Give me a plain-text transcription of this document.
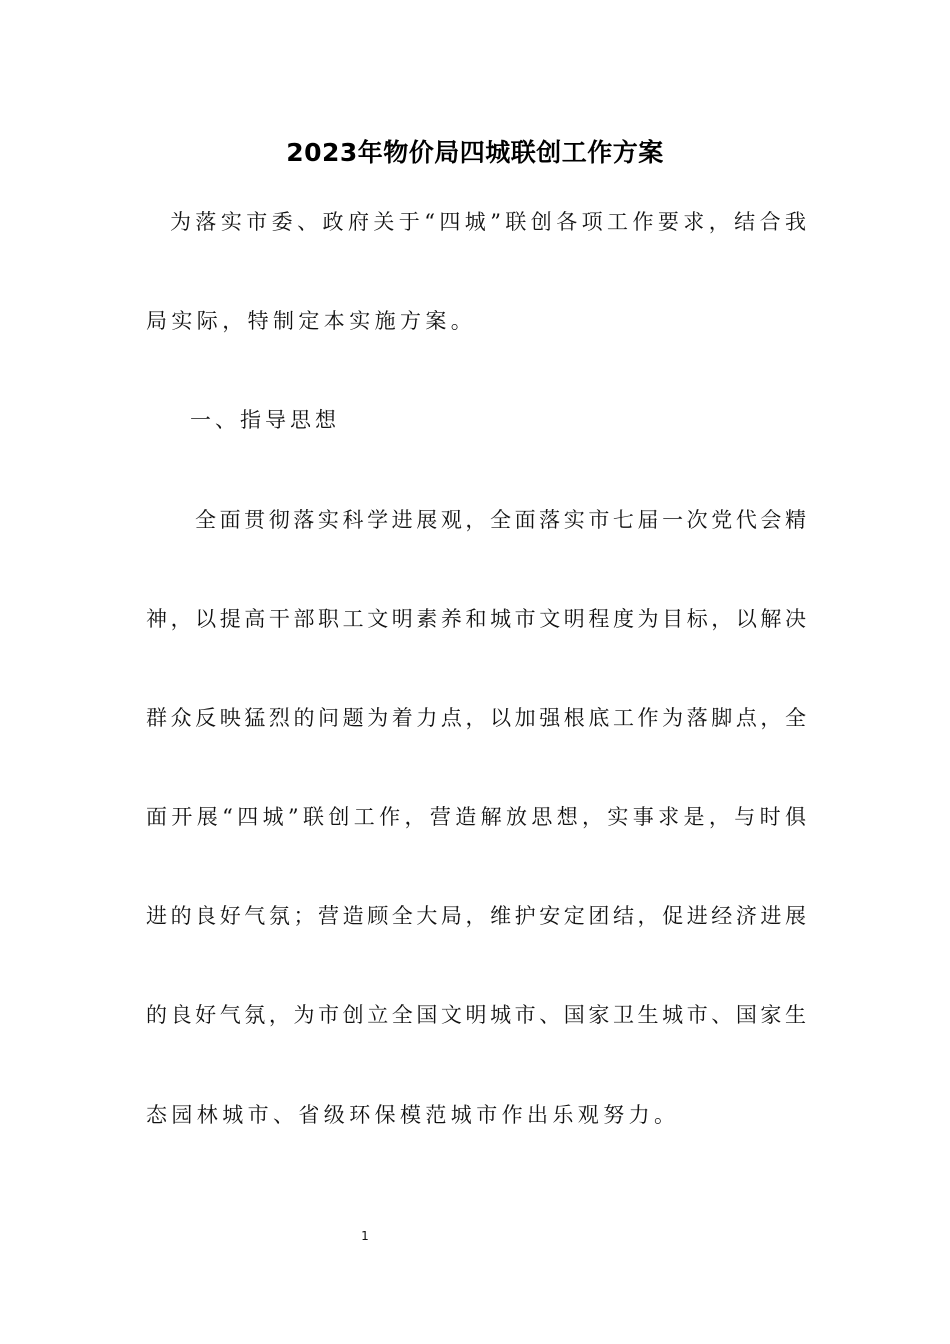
2023年物价局四城联创工作方案
为落实市委、政府关于“四城”联创各项工作要求，结合我
局实际，特制定本实施方案。
一、指导思想
全面贯彻落实科学进展观，全面落实市七届一次党代会精
神，以提高干部职工文明素养和城市文明程度为目标，以解决
群众反映猛烈的问题为着力点，以加强根底工作为落脚点，全
面开展“四城”联创工作，营造解放思想，实事求是，与时俱
进的良好气氛；营造顾全大局，维护安定团结，促进经济进展
的良好气氛，为市创立全国文明城市、国家卫生城市、国家生
态园林城市、省级环保模范城市作出乐观努力。
1
